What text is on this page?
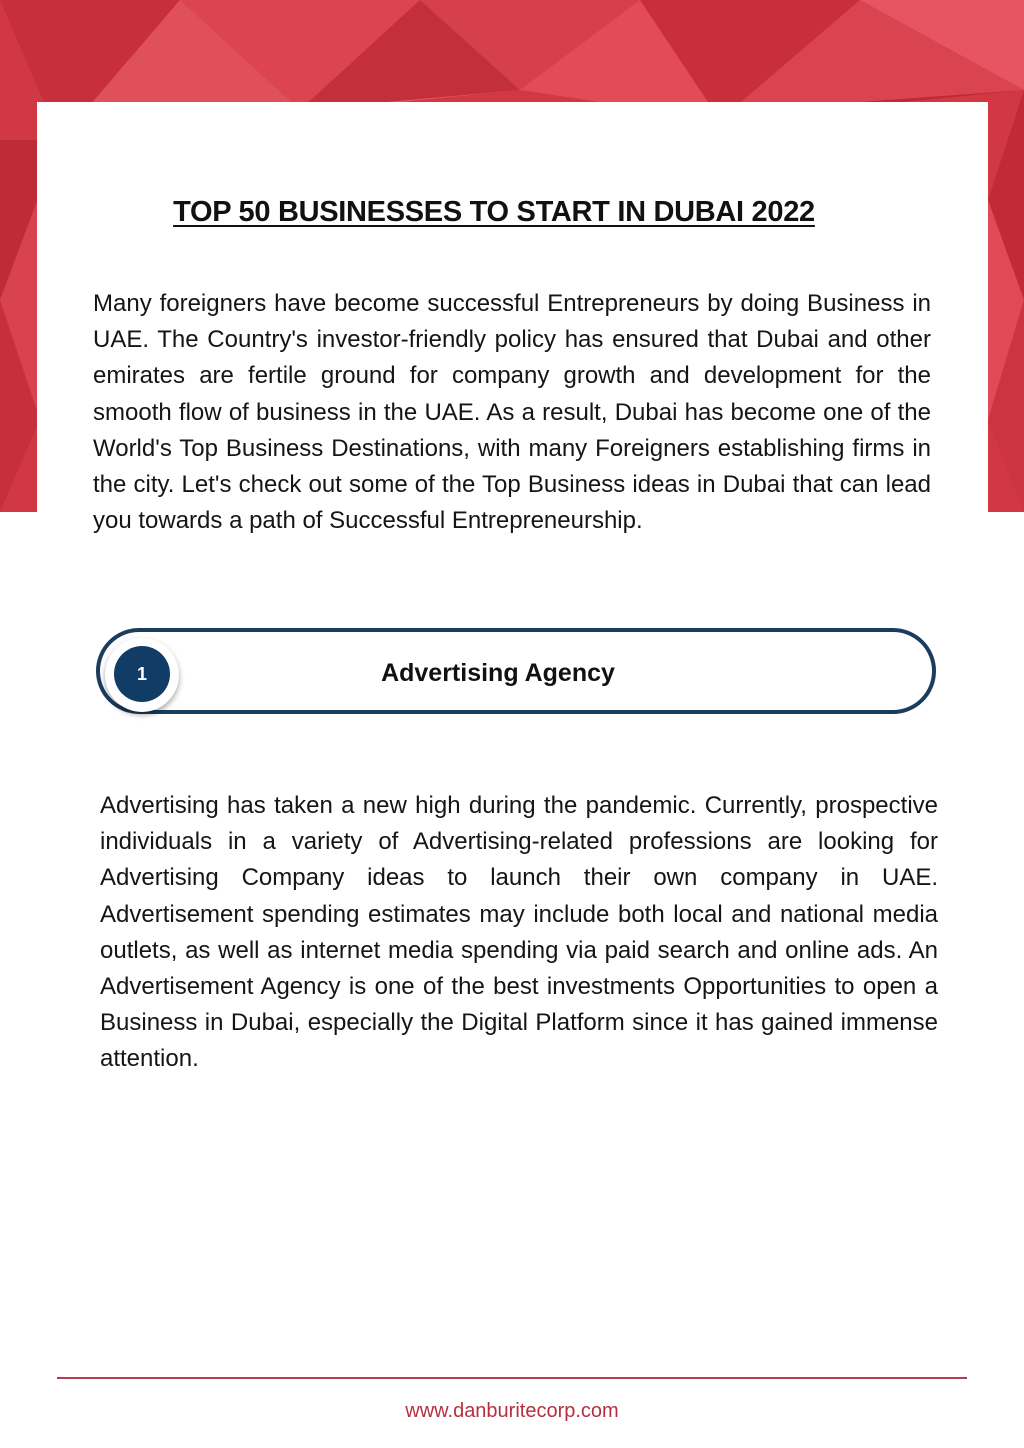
TOP 50 BUSINESSES TO START IN DUBAI 2022

Many foreigners have become successful Entrepreneurs by doing Business in UAE. The Country's investor-friendly policy has ensured that Dubai and other emirates are fertile ground for company growth and development for the smooth flow of business in the UAE. As a result, Dubai has become one of the World's Top Business Destinations, with many Foreigners establishing firms in the city. Let's check out some of the Top Business ideas in Dubai that can lead you towards a path of Successful Entrepreneurship.

1	Advertising Agency

Advertising has taken a new high during the pandemic. Currently, prospective individuals in a variety of Advertising-related professions are looking for Advertising Company ideas to launch their own company in UAE. Advertisement spending estimates may include both local and national media outlets, as well as internet media spending via paid search and online ads. An Advertisement Agency is one of the best investments Opportunities to open a Business in Dubai, especially the Digital Platform since it has gained immense attention.

www.danburitecorp.com
